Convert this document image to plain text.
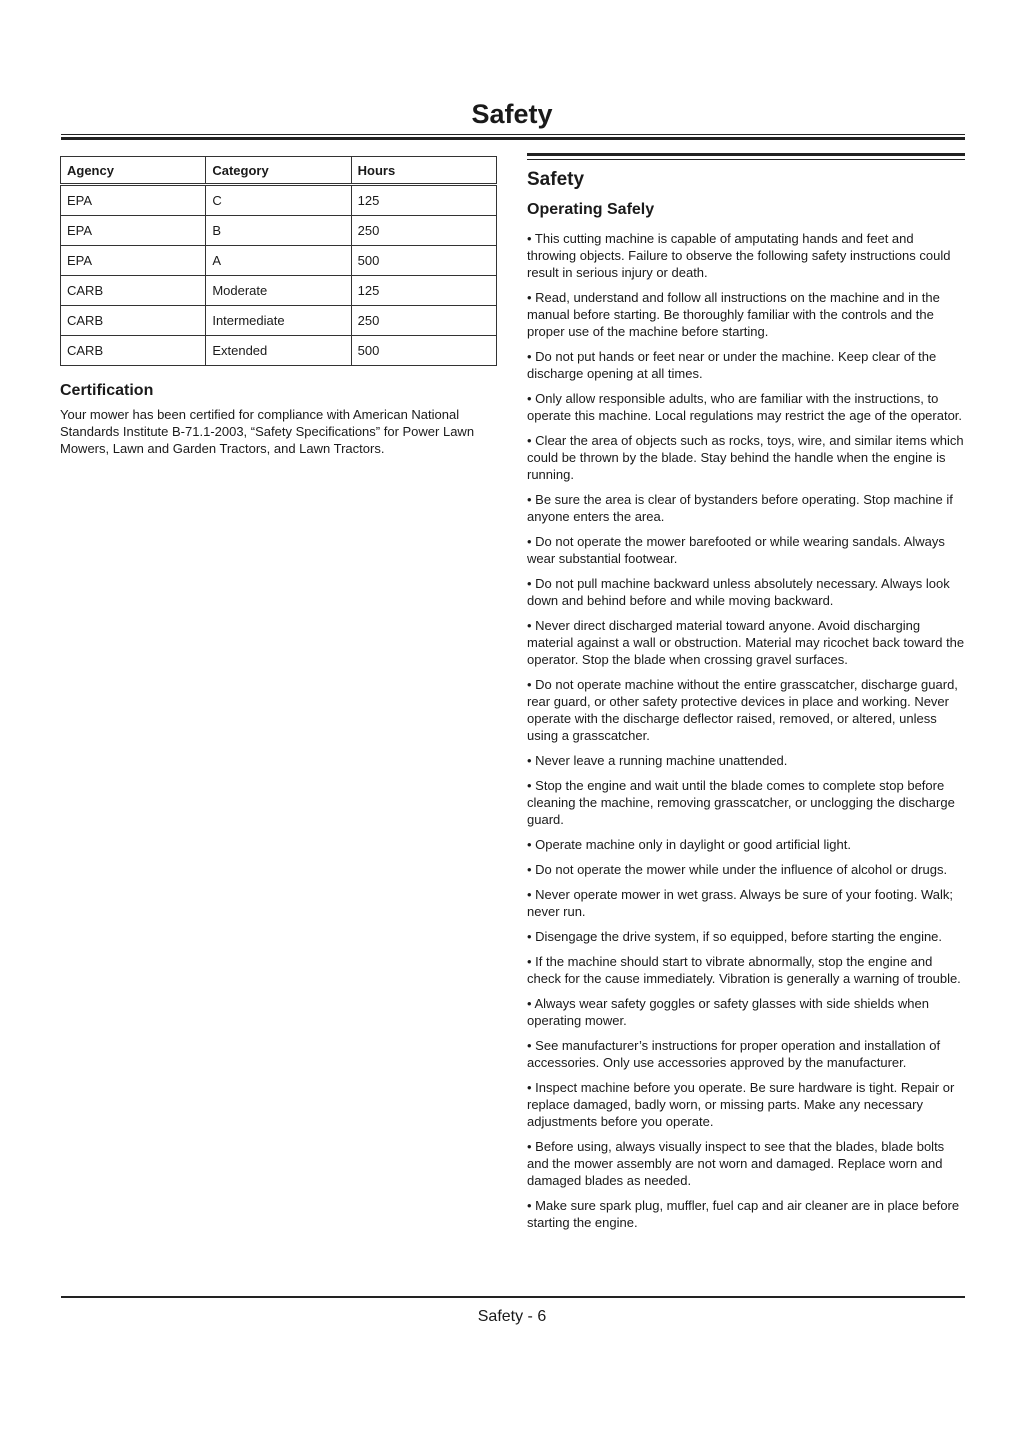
Safety
Agency	Category	Hours
EPA	C	125
EPA	B	250
EPA	A	500
CARB	Moderate	125
CARB	Intermediate	250
CARB	Extended	500
Certification
Your mower has been certified for compliance with American National Standards Institute B-71.1-2003, “Safety Specifications” for Power Lawn Mowers, Lawn and Garden Tractors, and Lawn Tractors.
Safety
Operating Safely

• This cutting machine is capable of amputating hands and feet and throwing objects. Failure to observe the following safety instructions could result in serious injury or death.

• Read, understand and follow all instructions on the machine and in the manual before starting. Be thoroughly familiar with the controls and the proper use of the machine before starting.

• Do not put hands or feet near or under the machine. Keep clear of the discharge opening at all times.

• Only allow responsible adults, who are familiar with the instructions, to operate this machine. Local regulations may restrict the age of the operator.

• Clear the area of objects such as rocks, toys, wire, and similar items which could be thrown by the blade. Stay behind the handle when the engine is running.

• Be sure the area is clear of bystanders before operating. Stop machine if anyone enters the area.

• Do not operate the mower barefooted or while wearing sandals. Always wear substantial footwear.

• Do not pull machine backward unless absolutely necessary. Always look down and behind before and while moving backward.

• Never direct discharged material toward anyone. Avoid discharging material against a wall or obstruction. Material may ricochet back toward the operator. Stop the blade when crossing gravel surfaces.

• Do not operate machine without the entire grasscatcher, discharge guard, rear guard, or other safety protective devices in place and working. Never operate with the discharge deflector raised, removed, or altered, unless using a grasscatcher.

• Never leave a running machine unattended.

• Stop the engine and wait until the blade comes to complete stop before cleaning the machine, removing grasscatcher, or unclogging the discharge guard.

• Operate machine only in daylight or good artificial light.

• Do not operate the mower while under the influence of alcohol or drugs.

• Never operate mower in wet grass. Always be sure of your footing. Walk; never run.

• Disengage the drive system, if so equipped, before starting the engine.

• If the machine should start to vibrate abnormally, stop the engine and check for the cause immediately. Vibration is generally a warning of trouble.

• Always wear safety goggles or safety glasses with side shields when operating mower.

• See manufacturer’s instructions for proper operation and installation of accessories. Only use accessories approved by the manufacturer.

• Inspect machine before you operate. Be sure hardware is tight. Repair or replace damaged, badly worn, or missing parts. Make any necessary adjustments before you operate.

• Before using, always visually inspect to see that the blades, blade bolts and the mower assembly are not worn and damaged. Replace worn and damaged blades as needed.

• Make sure spark plug, muffler, fuel cap and air cleaner are in place before starting the engine.

Safety - 6
